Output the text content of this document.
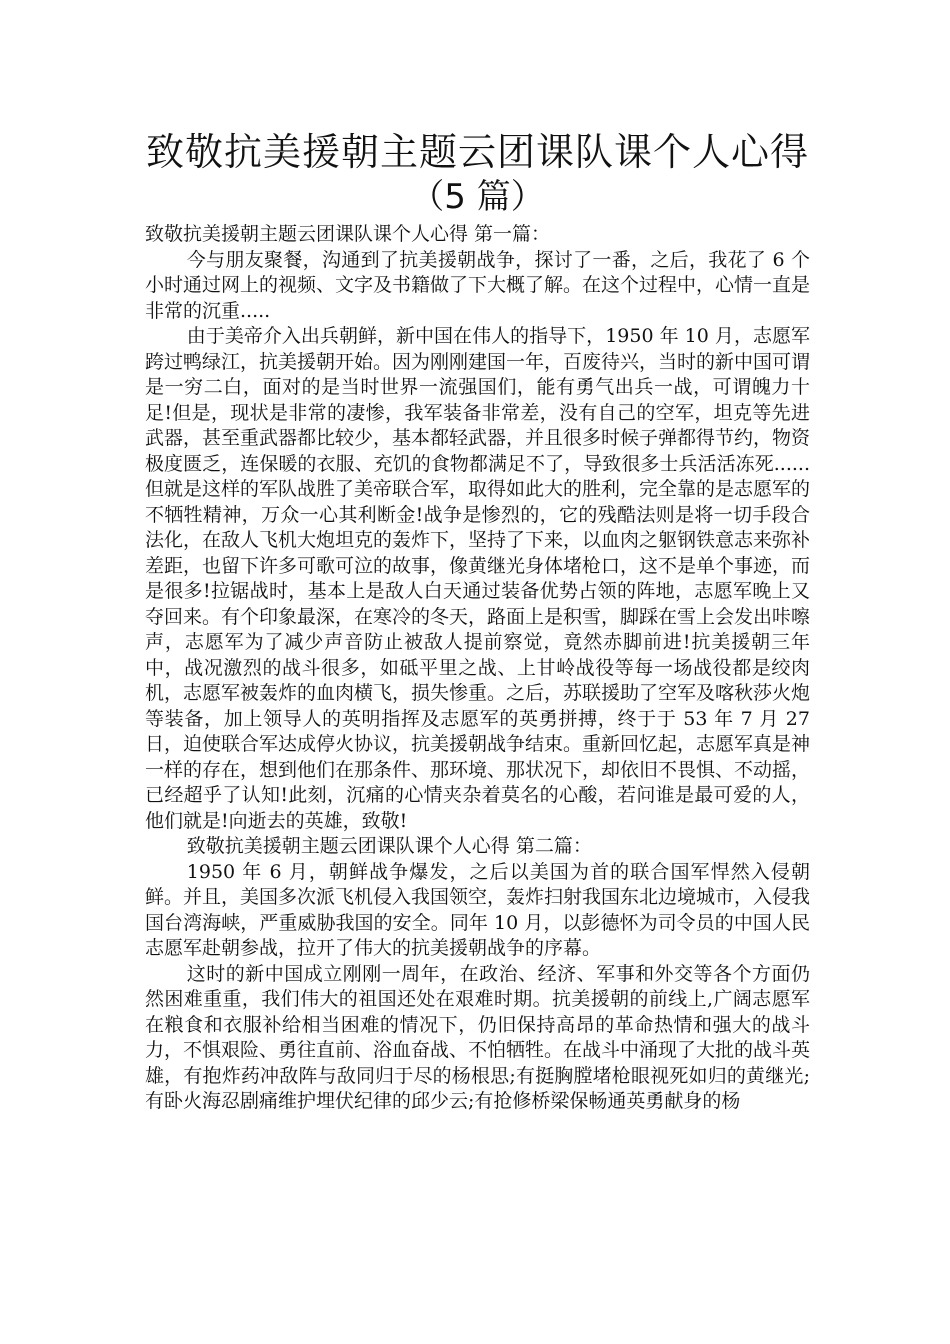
致敬抗美援朝主题云团课队课个人心得
（5 篇）

致敬抗美援朝主题云团课队课个人心得 第一篇：

今与朋友聚餐，沟通到了抗美援朝战争，探讨了一番，之后，我花了 6 个小时通过网上的视频、文字及书籍做了下大概了解。在这个过程中，心情一直是非常的沉重.....

由于美帝介入出兵朝鲜，新中国在伟人的指导下，1950 年 10 月，志愿军跨过鸭绿江，抗美援朝开始。因为刚刚建国一年，百废待兴，当时的新中国可谓是一穷二白，面对的是当时世界一流强国们，能有勇气出兵一战，可谓魄力十足!但是，现状是非常的凄惨，我军装备非常差，没有自己的空军，坦克等先进武器，甚至重武器都比较少，基本都轻武器，并且很多时候子弹都得节约，物资极度匮乏，连保暖的衣服、充饥的食物都满足不了，导致很多士兵活活冻死......但就是这样的军队战胜了美帝联合军，取得如此大的胜利，完全靠的是志愿军的不牺牲精神，万众一心其利断金!战争是惨烈的，它的残酷法则是将一切手段合法化，在敌人飞机大炮坦克的轰炸下，坚持了下来，以血肉之躯钢铁意志来弥补差距，也留下许多可歌可泣的故事，像黄继光身体堵枪口，这不是单个事迹，而是很多!拉锯战时，基本上是敌人白天通过装备优势占领的阵地，志愿军晚上又夺回来。有个印象最深，在寒冷的冬天，路面上是积雪，脚踩在雪上会发出咔嚓声，志愿军为了减少声音防止被敌人提前察觉，竟然赤脚前进!抗美援朝三年中，战况激烈的战斗很多，如砥平里之战、上甘岭战役等每一场战役都是绞肉机，志愿军被轰炸的血肉横飞，损失惨重。之后，苏联援助了空军及喀秋莎火炮等装备，加上领导人的英明指挥及志愿军的英勇拼搏，终于于 53 年 7 月 27 日，迫使联合军达成停火协议，抗美援朝战争结束。重新回忆起，志愿军真是神一样的存在，想到他们在那条件、那环境、那状况下，却依旧不畏惧、不动摇，已经超乎了认知!此刻，沉痛的心情夹杂着莫名的心酸，若问谁是最可爱的人，他们就是!向逝去的英雄，致敬!

致敬抗美援朝主题云团课队课个人心得 第二篇：

1950 年 6 月，朝鲜战争爆发，之后以美国为首的联合国军悍然入侵朝鲜。并且，美国多次派飞机侵入我国领空，轰炸扫射我国东北边境城市，入侵我国台湾海峡，严重威胁我国的安全。同年 10 月，以彭德怀为司令员的中国人民志愿军赴朝参战，拉开了伟大的抗美援朝战争的序幕。

这时的新中国成立刚刚一周年，在政治、经济、军事和外交等各个方面仍然困难重重，我们伟大的祖国还处在艰难时期。抗美援朝的前线上,广阔志愿军在粮食和衣服补给相当困难的情况下，仍旧保持高昂的革命热情和强大的战斗力，不惧艰险、勇往直前、浴血奋战、不怕牺牲。在战斗中涌现了大批的战斗英雄，有抱炸药冲敌阵与敌同归于尽的杨根思;有挺胸膛堵枪眼视死如归的黄继光;有卧火海忍剧痛维护埋伏纪律的邱少云;有抢修桥梁保畅通英勇献身的杨
